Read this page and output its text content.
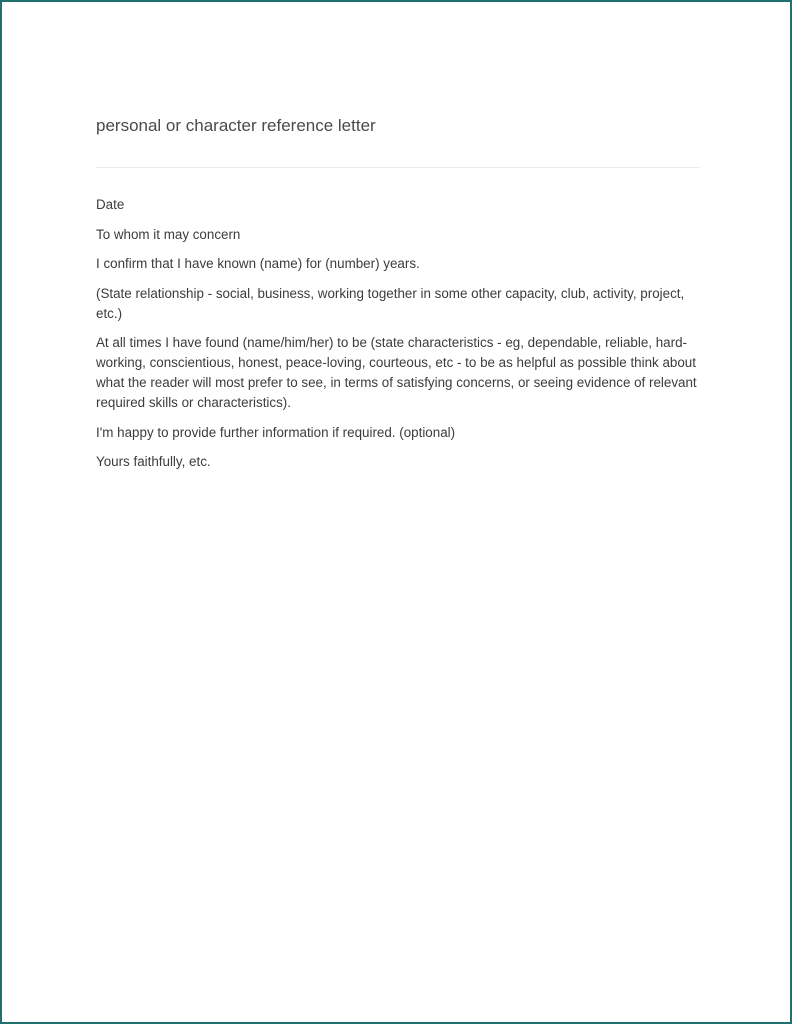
personal or character reference letter

Date

To whom it may concern

I confirm that I have known (name) for (number) years.

(State relationship - social, business, working together in some other capacity, club, activity, project, etc.)

At all times I have found (name/him/her) to be (state characteristics - eg, dependable, reliable, hard-working, conscientious, honest, peace-loving, courteous, etc - to be as helpful as possible think about what the reader will most prefer to see, in terms of satisfying concerns, or seeing evidence of relevant required skills or characteristics).

I'm happy to provide further information if required. (optional)

Yours faithfully, etc.
